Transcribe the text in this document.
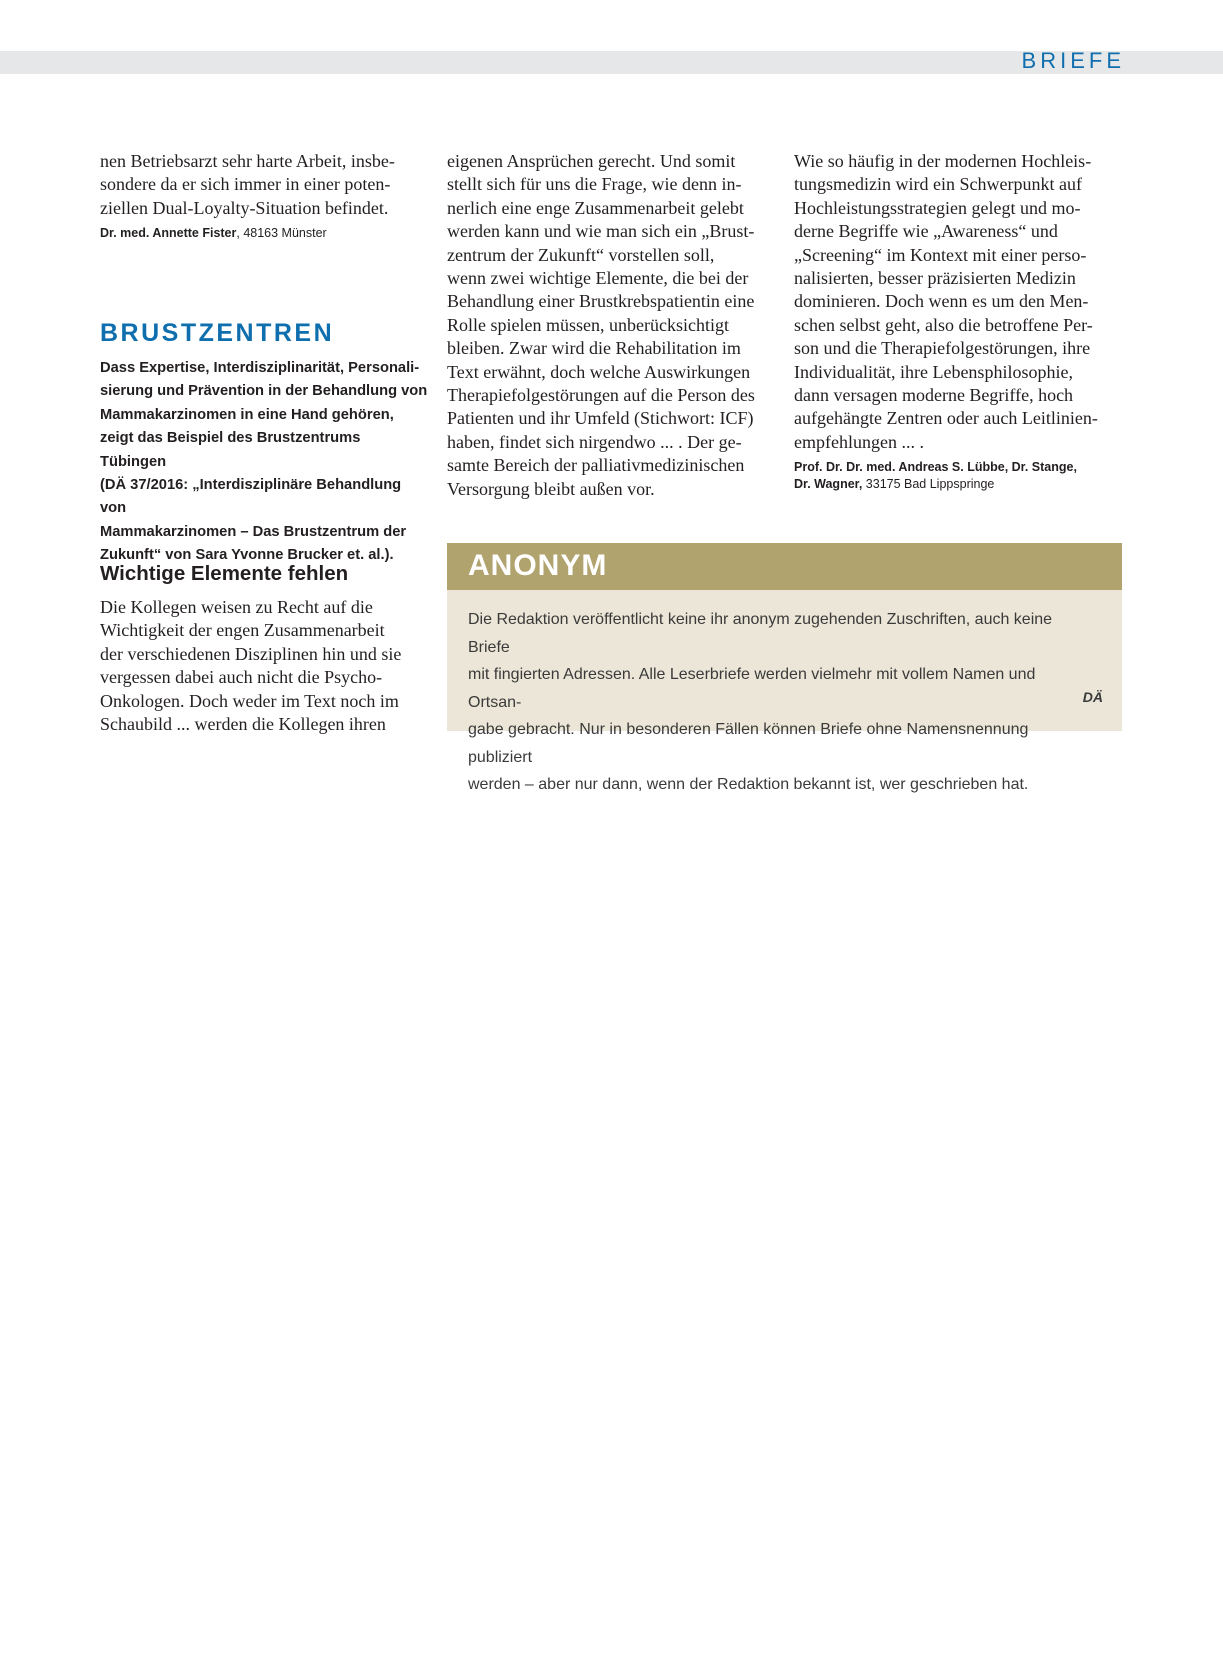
BRIEFE

nen Betriebsarzt sehr harte Arbeit, insbe-
sondere da er sich immer in einer poten-
ziellen Dual-Loyalty-Situation befindet.

Dr. med. Annette Fister, 48163 Münster

BRUSTZENTREN

Dass Expertise, Interdisziplinarität, Personali-
sierung und Prävention in der Behandlung von
Mammakarzinomen in eine Hand gehören,
zeigt das Beispiel des Brustzentrums Tübingen
(DÄ 37/2016: „Interdisziplinäre Behandlung von
Mammakarzinomen – Das Brustzentrum der
Zukunft“ von Sara Yvonne Brucker et. al.).

Wichtige Elemente fehlen

Die Kollegen weisen zu Recht auf die
Wichtigkeit der engen Zusammenarbeit
der verschiedenen Disziplinen hin und sie
vergessen dabei auch nicht die Psycho-
Onkologen. Doch weder im Text noch im
Schaubild ... werden die Kollegen ihren

eigenen Ansprüchen gerecht. Und somit
stellt sich für uns die Frage, wie denn in-
nerlich eine enge Zusammenarbeit gelebt
werden kann und wie man sich ein „Brust-
zentrum der Zukunft“ vorstellen soll,
wenn zwei wichtige Elemente, die bei der
Behandlung einer Brustkrebspatientin eine
Rolle spielen müssen, unberücksichtigt
bleiben. Zwar wird die Rehabilitation im
Text erwähnt, doch welche Auswirkungen
Therapiefolgestörungen auf die Person des
Patienten und ihr Umfeld (Stichwort: ICF)
haben, findet sich nirgendwo ... . Der ge-
samte Bereich der palliativmedizinischen
Versorgung bleibt außen vor.

Wie so häufig in der modernen Hochleis-
tungsmedizin wird ein Schwerpunkt auf
Hochleistungsstrategien gelegt und mo-
derne Begriffe wie „Awareness“ und
„Screening“ im Kontext mit einer perso-
nalisierten, besser präzisierten Medizin
dominieren. Doch wenn es um den Men-
schen selbst geht, also die betroffene Per-
son und die Therapiefolgestörungen, ihre
Individualität, ihre Lebensphilosophie,
dann versagen moderne Begriffe, hoch
aufgehängte Zentren oder auch Leitlinien-
empfehlungen ... .

Prof. Dr. Dr. med. Andreas S. Lübbe, Dr. Stange,
Dr. Wagner, 33175 Bad Lippspringe

ANONYM

Die Redaktion veröffentlicht keine ihr anonym zugehenden Zuschriften, auch keine Briefe
mit fingierten Adressen. Alle Leserbriefe werden vielmehr mit vollem Namen und Ortsan-
gabe gebracht. Nur in besonderen Fällen können Briefe ohne Namensnennung publiziert
werden – aber nur dann, wenn der Redaktion bekannt ist, wer geschrieben hat.

DÄ
